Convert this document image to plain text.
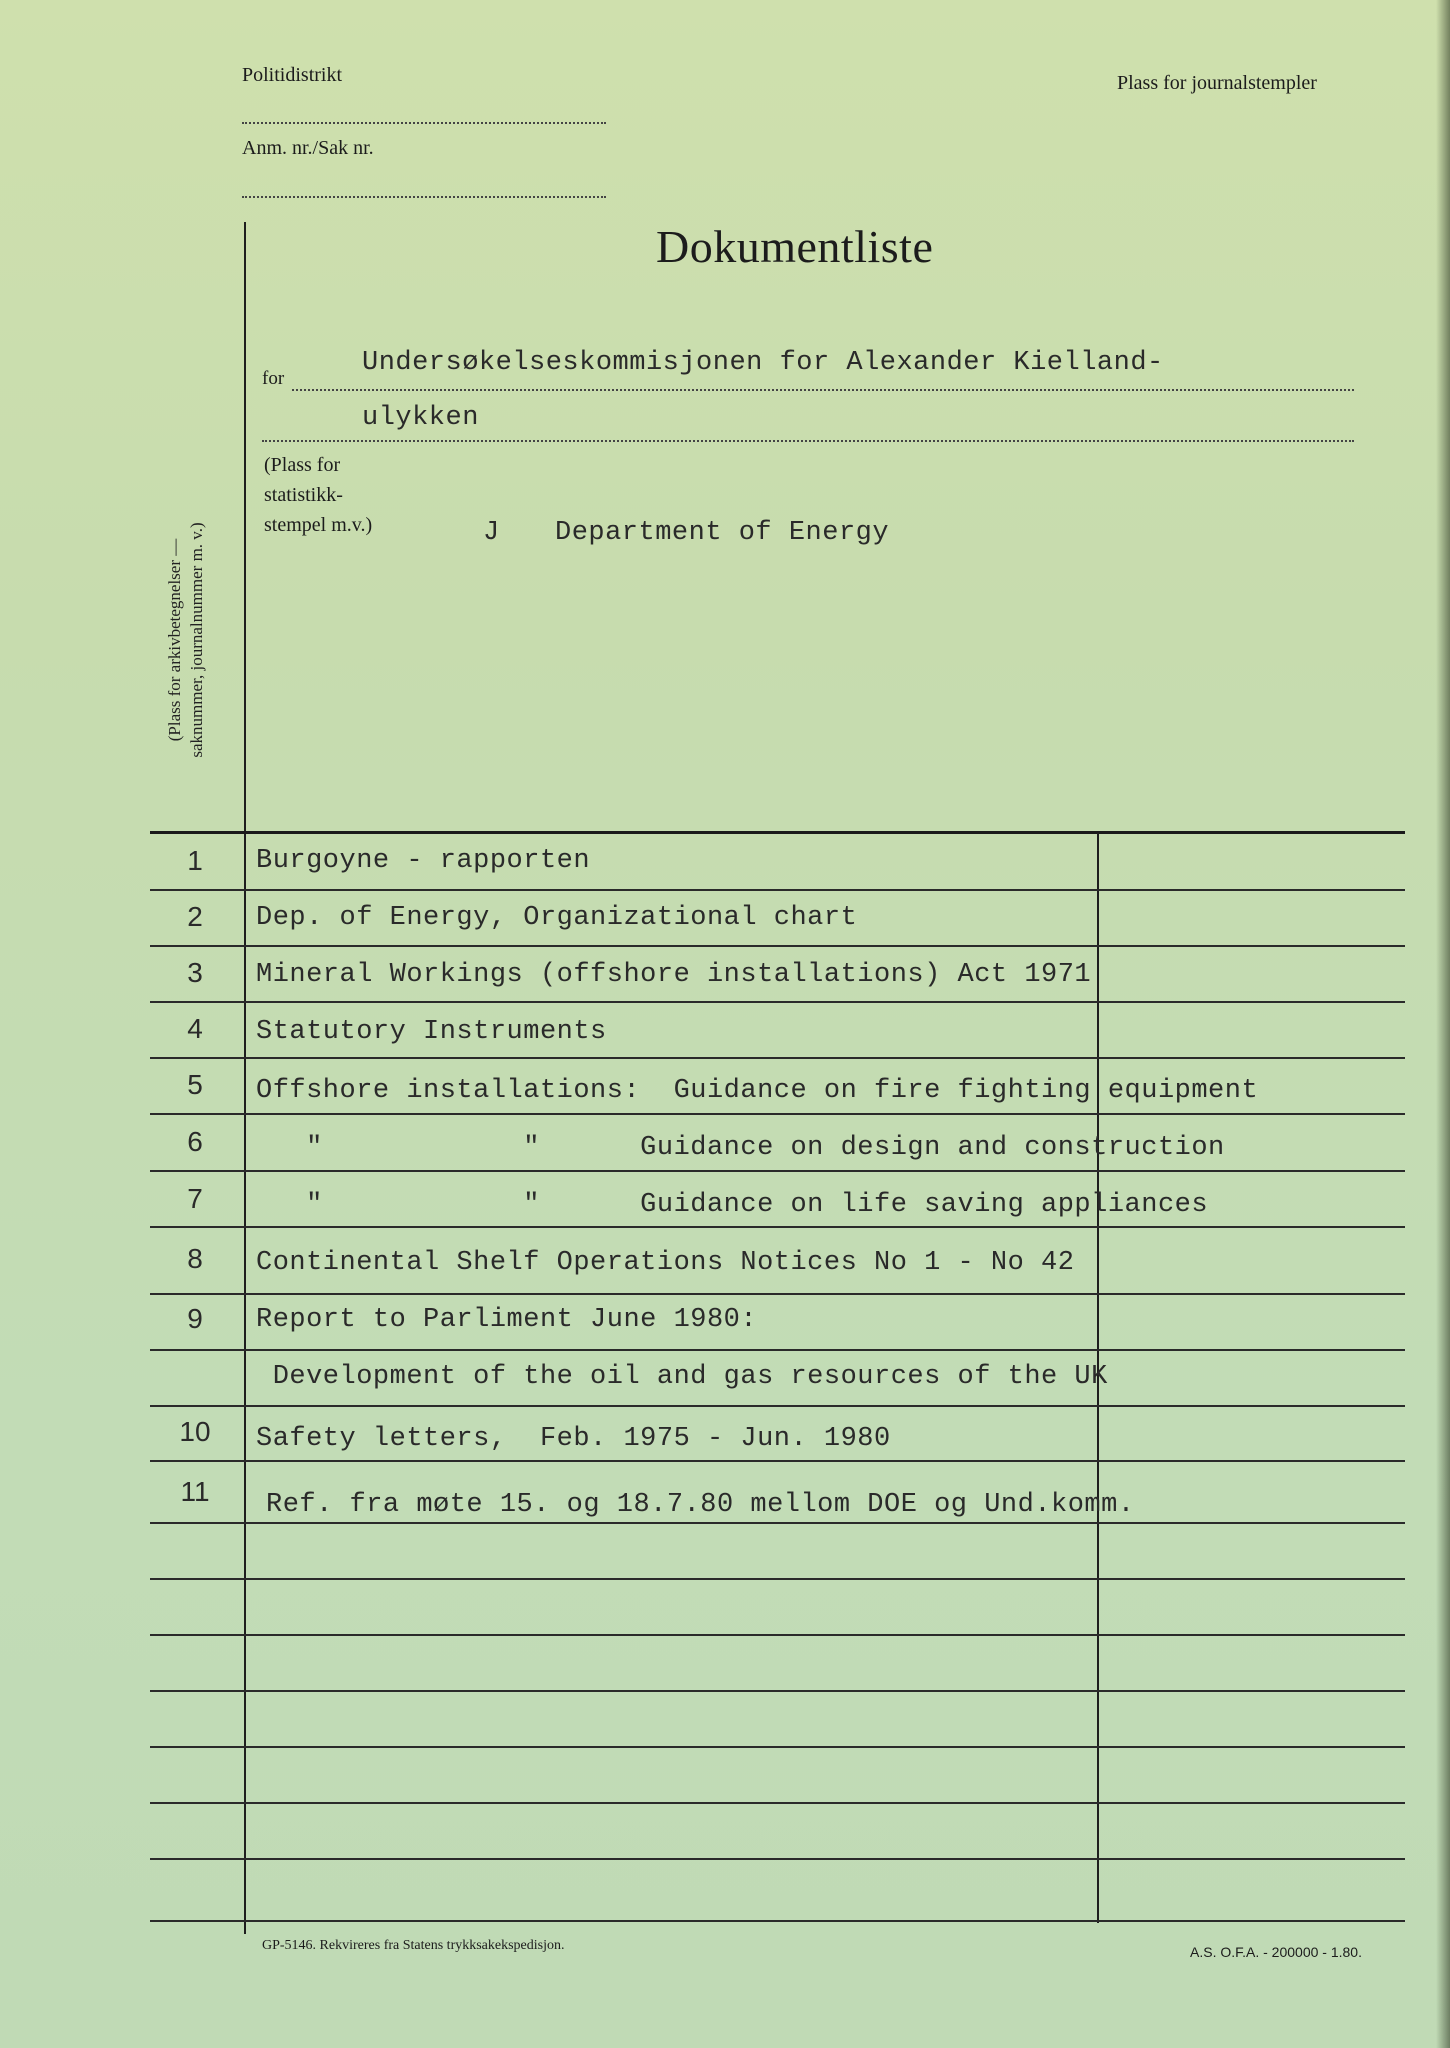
Politidistrikt
Anm. nr./Sak nr.
Plass for journalstempler
Dokumentliste
for
Undersøkelseskommisjonen for Alexander Kielland-
ulykken
(Plass for
statistikk-
stempel m.v.)	J Department of Energy
(Plass for arkivbetegnelser — saknummer, journalnummer m. v.)
1	Burgoyne - rapporten
2	Dep. of Energy, Organizational chart
3	Mineral Workings (offshore installations) Act 1971
4	Statutory Instruments
5	Offshore installations:  Guidance on fire fighting equipment
6	"            "      Guidance on design and construction
7	"            "      Guidance on life saving appliances
8	Continental Shelf Operations Notices No 1 - No 42
9	Report to Parliment June 1980:
Development of the oil and gas resources of the UK
10	Safety letters,  Feb. 1975 - Jun. 1980
11	Ref. fra møte 15. og 18.7.80 mellom DOE og Und.komm.
GP-5146. Rekvireres fra Statens trykksakekspedisjon.	A.S. O.F.A. - 200000 - 1.80.
